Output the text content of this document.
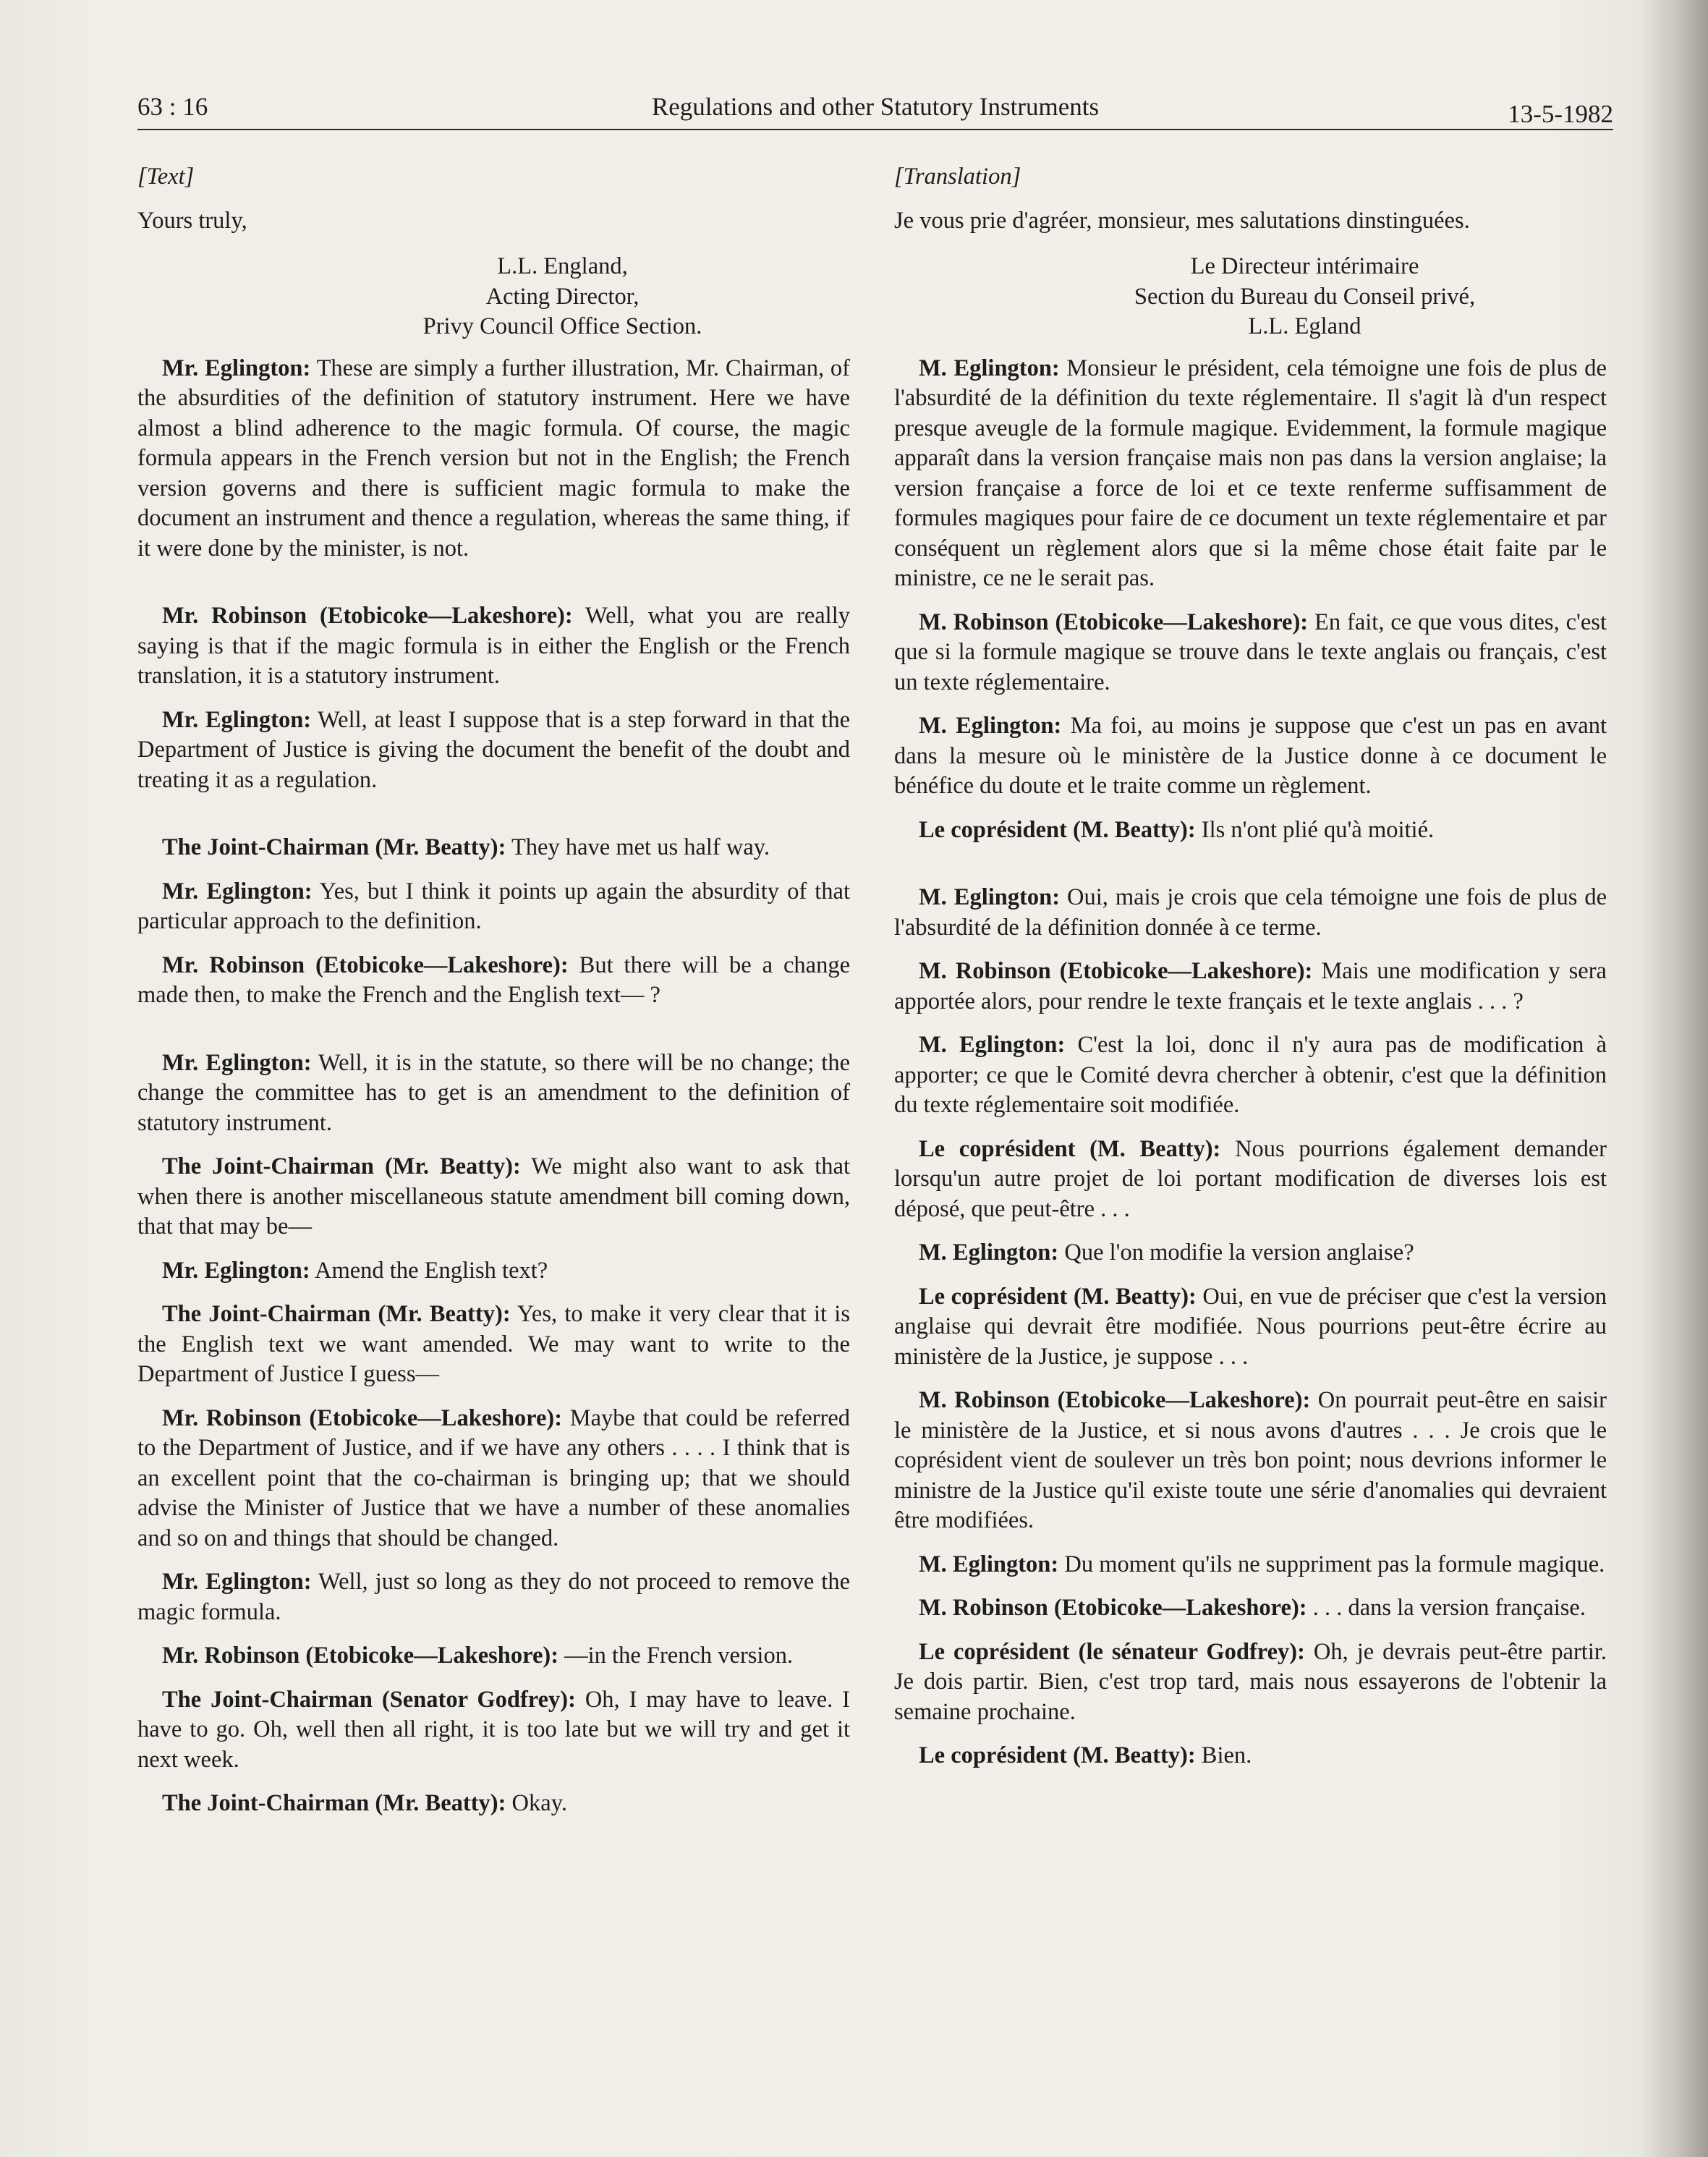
63 : 16	Regulations and other Statutory Instruments	13-5-1982

[Text]

Yours truly,

L.L. England,
Acting Director,
Privy Council Office Section.

Mr. Eglington: These are simply a further illustration, Mr. Chairman, of the absurdities of the definition of statutory instrument. Here we have almost a blind adherence to the magic formula. Of course, the magic formula appears in the French version but not in the English; the French version governs and there is sufficient magic formula to make the document an instrument and thence a regulation, whereas the same thing, if it were done by the minister, is not.

Mr. Robinson (Etobicoke—Lakeshore): Well, what you are really saying is that if the magic formula is in either the English or the French translation, it is a statutory instrument.

Mr. Eglington: Well, at least I suppose that is a step forward in that the Department of Justice is giving the document the benefit of the doubt and treating it as a regulation.

The Joint-Chairman (Mr. Beatty): They have met us half way.

Mr. Eglington: Yes, but I think it points up again the absurdity of that particular approach to the definition.

Mr. Robinson (Etobicoke—Lakeshore): But there will be a change made then, to make the French and the English text— ?

Mr. Eglington: Well, it is in the statute, so there will be no change; the change the committee has to get is an amendment to the definition of statutory instrument.

The Joint-Chairman (Mr. Beatty): We might also want to ask that when there is another miscellaneous statute amendment bill coming down, that that may be—

Mr. Eglington: Amend the English text?

The Joint-Chairman (Mr. Beatty): Yes, to make it very clear that it is the English text we want amended. We may want to write to the Department of Justice I guess—

Mr. Robinson (Etobicoke—Lakeshore): Maybe that could be referred to the Department of Justice, and if we have any others . . . . I think that is an excellent point that the co-chairman is bringing up; that we should advise the Minister of Justice that we have a number of these anomalies and so on and things that should be changed.

Mr. Eglington: Well, just so long as they do not proceed to remove the magic formula.

Mr. Robinson (Etobicoke—Lakeshore): —in the French version.

The Joint-Chairman (Senator Godfrey): Oh, I may have to leave. I have to go. Oh, well then all right, it is too late but we will try and get it next week.

The Joint-Chairman (Mr. Beatty): Okay.

[Translation]

Je vous prie d'agréer, monsieur, mes salutations dinstinguées.

Le Directeur intérimaire
Section du Bureau du Conseil privé,
L.L. Egland

M. Eglington: Monsieur le président, cela témoigne une fois de plus de l'absurdité de la définition du texte réglementaire. Il s'agit là d'un respect presque aveugle de la formule magique. Evidemment, la formule magique apparaît dans la version française mais non pas dans la version anglaise; la version française a force de loi et ce texte renferme suffisamment de formules magiques pour faire de ce document un texte réglementaire et par conséquent un règlement alors que si la même chose était faite par le ministre, ce ne le serait pas.

M. Robinson (Etobicoke—Lakeshore): En fait, ce que vous dites, c'est que si la formule magique se trouve dans le texte anglais ou français, c'est un texte réglementaire.

M. Eglington: Ma foi, au moins je suppose que c'est un pas en avant dans la mesure où le ministère de la Justice donne à ce document le bénéfice du doute et le traite comme un règlement.

Le coprésident (M. Beatty): Ils n'ont plié qu'à moitié.

M. Eglington: Oui, mais je crois que cela témoigne une fois de plus de l'absurdité de la définition donnée à ce terme.

M. Robinson (Etobicoke—Lakeshore): Mais une modification y sera apportée alors, pour rendre le texte français et le texte anglais . . . ?

M. Eglington: C'est la loi, donc il n'y aura pas de modification à apporter; ce que le Comité devra chercher à obtenir, c'est que la définition du texte réglementaire soit modifiée.

Le coprésident (M. Beatty): Nous pourrions également demander lorsqu'un autre projet de loi portant modification de diverses lois est déposé, que peut-être . . .

M. Eglington: Que l'on modifie la version anglaise?

Le coprésident (M. Beatty): Oui, en vue de préciser que c'est la version anglaise qui devrait être modifiée. Nous pourrions peut-être écrire au ministère de la Justice, je suppose . . .

M. Robinson (Etobicoke—Lakeshore): On pourrait peut-être en saisir le ministère de la Justice, et si nous avons d'autres . . . Je crois que le coprésident vient de soulever un très bon point; nous devrions informer le ministre de la Justice qu'il existe toute une série d'anomalies qui devraient être modifiées.

M. Eglington: Du moment qu'ils ne suppriment pas la formule magique.

M. Robinson (Etobicoke—Lakeshore): . . . dans la version française.

Le coprésident (le sénateur Godfrey): Oh, je devrais peut-être partir. Je dois partir. Bien, c'est trop tard, mais nous essayerons de l'obtenir la semaine prochaine.

Le coprésident (M. Beatty): Bien.
